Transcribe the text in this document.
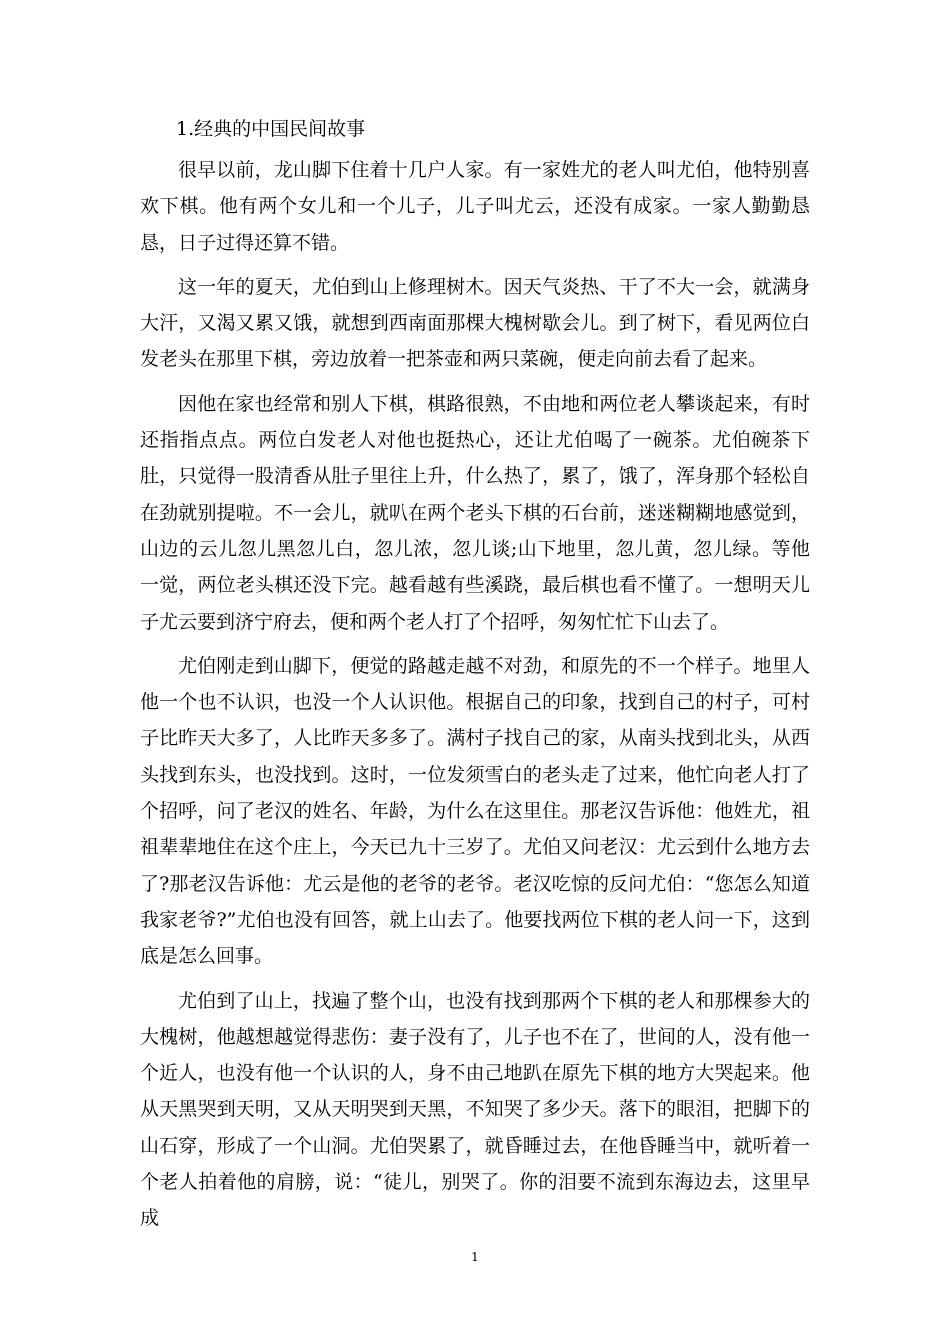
1.经典的中国民间故事

很早以前，龙山脚下住着十几户人家。有一家姓尤的老人叫尤伯，他特别喜欢下棋。他有两个女儿和一个儿子，儿子叫尤云，还没有成家。一家人勤勤恳恳，日子过得还算不错。

这一年的夏天，尤伯到山上修理树木。因天气炎热、干了不大一会，就满身大汗，又渴又累又饿，就想到西南面那棵大槐树歇会儿。到了树下，看见两位白发老头在那里下棋，旁边放着一把茶壶和两只菜碗，便走向前去看了起来。

因他在家也经常和别人下棋，棋路很熟，不由地和两位老人攀谈起来，有时还指指点点。两位白发老人对他也挺热心，还让尤伯喝了一碗茶。尤伯碗茶下肚，只觉得一股清香从肚子里往上升，什么热了，累了，饿了，浑身那个轻松自在劲就别提啦。不一会儿，就叭在两个老头下棋的石台前，迷迷糊糊地感觉到，山边的云儿忽儿黑忽儿白，忽儿浓，忽儿谈;山下地里，忽儿黄，忽儿绿。等他一觉，两位老头棋还没下完。越看越有些溪跷，最后棋也看不懂了。一想明天儿子尤云要到济宁府去，便和两个老人打了个招呼，匆匆忙忙下山去了。

尤伯刚走到山脚下，便觉的路越走越不对劲，和原先的不一个样子。地里人他一个也不认识，也没一个人认识他。根据自己的印象，找到自己的村子，可村子比昨天大多了，人比昨天多多了。满村子找自己的家，从南头找到北头，从西头找到东头，也没找到。这时，一位发须雪白的老头走了过来，他忙向老人打了个招呼，问了老汉的姓名、年龄，为什么在这里住。那老汉告诉他：他姓尤，祖祖辈辈地住在这个庄上，今天已九十三岁了。尤伯又问老汉：尤云到什么地方去了?那老汉告诉他：尤云是他的老爷的老爷。老汉吃惊的反问尤伯：“您怎么知道我家老爷?”尤伯也没有回答，就上山去了。他要找两位下棋的老人问一下，这到底是怎么回事。

尤伯到了山上，找遍了整个山，也没有找到那两个下棋的老人和那棵参大的大槐树，他越想越觉得悲伤：妻子没有了，儿子也不在了，世间的人，没有他一个近人，也没有他一个认识的人，身不由己地趴在原先下棋的地方大哭起来。他从天黑哭到天明，又从天明哭到天黑，不知哭了多少天。落下的眼泪，把脚下的山石穿，形成了一个山洞。尤伯哭累了，就昏睡过去，在他昏睡当中，就听着一个老人拍着他的肩膀，说：“徒儿，别哭了。你的泪要不流到东海边去，这里早成

1
